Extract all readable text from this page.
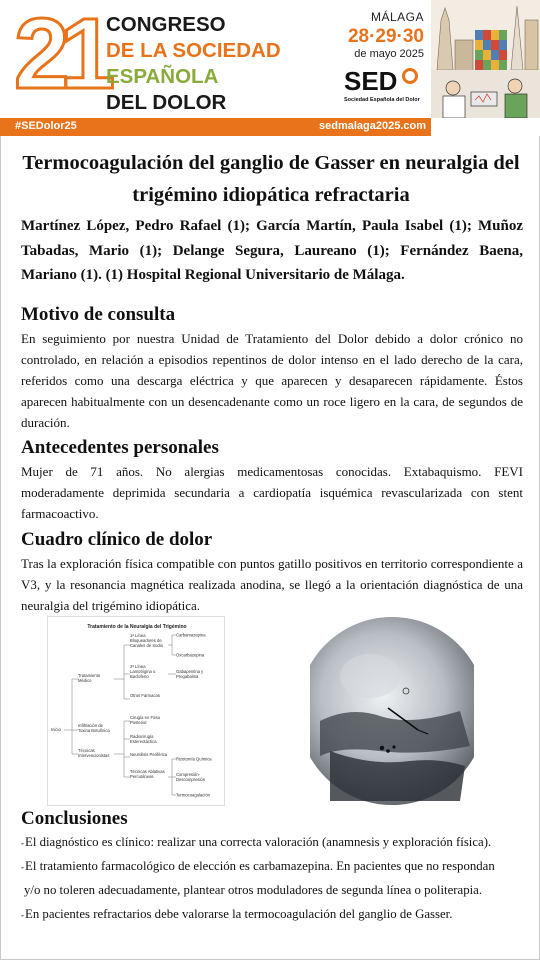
21 CONGRESO
DE LA SOCIEDAD
ESPAÑOLA
DEL DOLOR
MÁLAGA
28·29·30
de mayo 2025
SED
Sociedad Española del Dolor
#SEDolor25	sedmalaga2025.com
Termocoagulación del ganglio de Gasser en neuralgia del trigémino idiopática refractaria
Martínez López, Pedro Rafael (1); García Martín, Paula Isabel (1); Muñoz Tabadas, Mario (1); Delange Segura, Laureano (1); Fernández Baena, Mariano (1). (1) Hospital Regional Universitario de Málaga.
Motivo de consulta
En seguimiento por nuestra Unidad de Tratamiento del Dolor debido a dolor crónico no controlado, en relación a episodios repentinos de dolor intenso en el lado derecho de la cara, referidos como una descarga eléctrica y que aparecen y desaparecen rápidamente. Éstos aparecen habitualmente con un desencadenante como un roce ligero en la cara, de segundos de duración.
Antecedentes personales
Mujer de 71 años. No alergias medicamentosas conocidas. Extabaquismo. FEVI moderadamente deprimida secundaria a cardiopatía isquémica revascularizada con stent farmacoactivo.
Cuadro clínico de dolor
Tras la exploración física compatible con puntos gatillo positivos en territorio correspondiente a V3, y la resonancia magnética realizada anodina, se llegó a la orientación diagnóstica de una neuralgia del trigémino idiopática.
Tratamiento de la Neuralgia del Trigémino
Inicio
Tratamiento Médico
Infiltración de Toxina Botulínica
Técnicas Intervencionistas
1ª Línea Bloqueadores de Canales de Sodio
2ª Línea Lamotrigina o Baclofeno
Otros Fármacos
Carbamazepina
Oxcarbazepina
Gabapentina y Pregabalina
Cirugía en Fosa Posterior
Radiocirugía Estereotáctica
Neurolisis Periférica
Técnicas Ablativas Percutáneas
Rizotomía Química
Compresión-Descompresión
Termocoagulación
Conclusiones
-El diagnóstico es clínico: realizar una correcta valoración (anamnesis y exploración física).
-El tratamiento farmacológico de elección es carbamazepina. En pacientes que no respondan
y/o no toleren adecuadamente, plantear otros moduladores de segunda línea o politerapia.
-En pacientes refractarios debe valorarse la termocoagulación del ganglio de Gasser.
